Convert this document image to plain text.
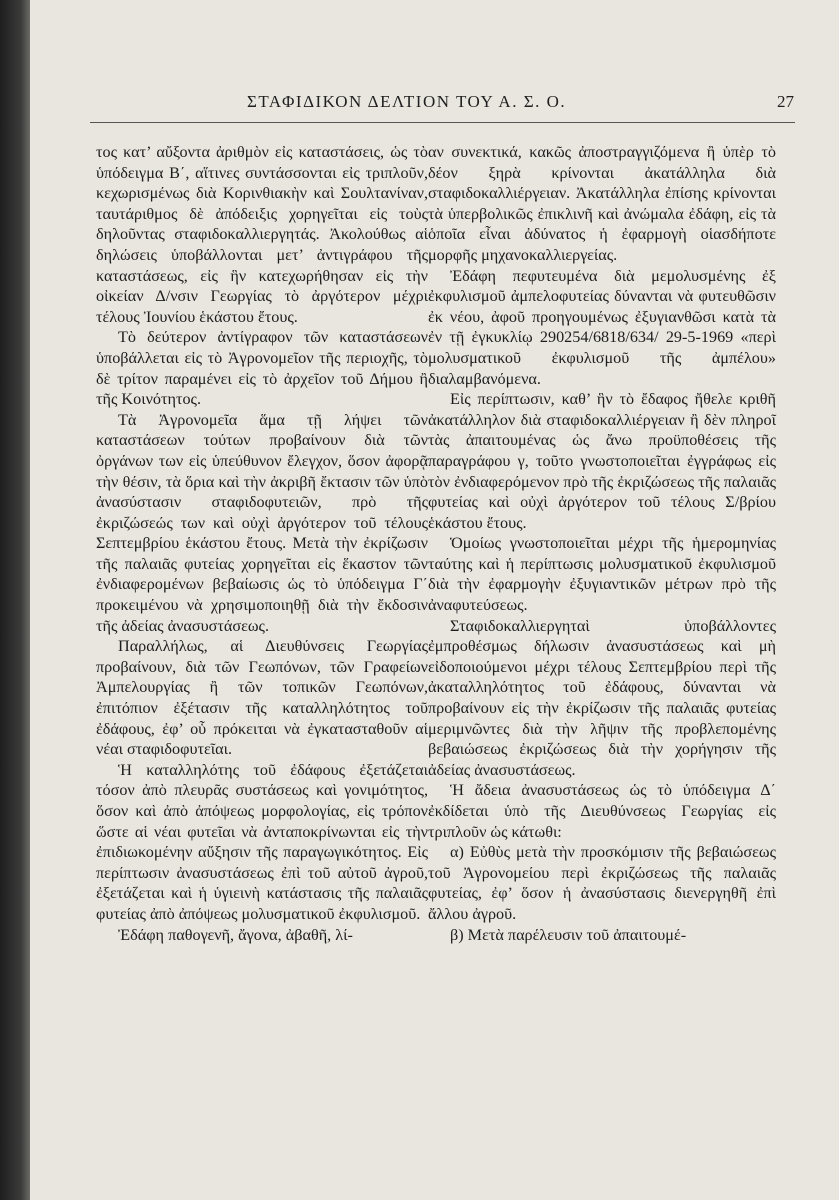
ΣΤΑΦΙΔΙΚΟΝ ΔΕΛΤΙΟΝ ΤΟΥ Α. Σ. Ο.	27

τος κατ’ αὔξοντα ἀριθμὸν εἰς καταστάσεις, ὡς τὸ ὑπόδειγμα Β΄, αἵτινες συντάσσονται εἰς τριπλοῦν, κεχωρισμένως διὰ Κορινθιακὴν καὶ Σουλτανίναν, ταυτάριθμος δὲ ἀπόδειξις χορηγεῖται εἰς τοὺς δηλοῦντας σταφιδοκαλλιεργητάς. Ἀκολούθως αἱ δηλώσεις ὑποβάλλονται μετ’ ἀντιγράφου τῆς καταστάσεως, εἰς ἣν κατεχωρήθησαν εἰς τὴν οἰκείαν Δ/νσιν Γεωργίας τὸ ἀργότερον μέχρι τέλους Ἰουνίου ἑκάστου ἔτους.

Τὸ δεύτερον ἀντίγραφον τῶν καταστάσεων ὑποβάλλεται εἰς τὸ Ἀγρονομεῖον τῆς περιοχῆς, τὸ δὲ τρίτον παραμένει εἰς τὸ ἀρχεῖον τοῦ Δήμου ἢ τῆς Κοινότητος.

Τὰ Ἀγρονομεῖα ἅμα τῇ λήψει τῶν καταστάσεων τούτων προβαίνουν διὰ τῶν ὀργάνων των εἰς ὑπεύθυνον ἔλεγχον, ὅσον ἀφορᾷ τὴν θέσιν, τὰ ὅρια καὶ τὴν ἀκριβῆ ἔκτασιν τῶν ὑπὸ ἀνασύστασιν σταφιδοφυτειῶν, πρὸ τῆς ἐκριζώσεώς των καὶ οὐχὶ ἀργότερον τοῦ τέλους Σεπτεμβρίου ἑκάστου ἔτους. Μετὰ τὴν ἐκρίζωσιν τῆς παλαιᾶς φυτείας χορηγεῖται εἰς ἕκαστον τῶν ἐνδιαφερομένων βεβαίωσις ὡς τὸ ὑπόδειγμα Γ΄ προκειμένου νὰ χρησιμοποιηθῇ διὰ τὴν ἔκδοσιν τῆς ἀδείας ἀνασυστάσεως.

Παραλλήλως, αἱ Διευθύνσεις Γεωργίας προβαίνουν, διὰ τῶν Γεωπόνων, τῶν Γραφείων Ἀμπελουργίας ἢ τῶν τοπικῶν Γεωπόνων, ἐπιτόπιον ἐξέτασιν τῆς καταλληλότητος τοῦ ἐδάφους, ἐφ’ οὗ πρόκειται νὰ ἐγκατασταθοῦν αἱ νέαι σταφιδοφυτεῖαι.

Ἡ καταλληλότης τοῦ ἐδάφους ἐξετάζεται τόσον ἀπὸ πλευρᾶς συστάσεως καὶ γονιμότητος, ὅσον καὶ ἀπὸ ἀπόψεως μορφολογίας, εἰς τρόπον ὥστε αἱ νέαι φυτεῖαι νὰ ἀνταποκρίνωνται εἰς τὴν ἐπιδιωκομένην αὔξησιν τῆς παραγωγικότητος. Εἰς περίπτωσιν ἀνασυστάσεως ἐπὶ τοῦ αὐτοῦ ἀγροῦ, ἐξετάζεται καὶ ἡ ὑγιεινὴ κατάστασις τῆς παλαιᾶς φυτείας ἀπὸ ἀπόψεως μολυσματικοῦ ἐκφυλισμοῦ.

Ἐδάφη παθογενῆ, ἄγονα, ἀβαθῆ, λί-

αν συνεκτικά, κακῶς ἀποστραγγιζόμενα ἢ ὑπὲρ τὸ δέον ξηρὰ κρίνονται ἀκατάλληλα διὰ σταφιδοκαλλιέργειαν. Ἀκατάλληλα ἐπίσης κρίνονται τὰ ὑπερβολικῶς ἐπικλινῆ καὶ ἀνώμαλα ἐδάφη, εἰς τὰ ὁποῖα εἶναι ἀδύνατος ἡ ἐφαρμογὴ οἱασδήποτε μορφῆς μηχανοκαλλιεργείας.

Ἐδάφη πεφυτευμένα διὰ μεμολυσμένης ἐξ ἐκφυλισμοῦ ἀμπελοφυτείας δύνανται νὰ φυτευθῶσιν ἐκ νέου, ἀφοῦ προηγουμένως ἐξυγιανθῶσι κατὰ τὰ ἐν τῇ ἐγκυκλίῳ 290254/6818/634/ 29-5-1969 «περὶ μολυσματικοῦ ἐκφυλισμοῦ τῆς ἀμπέλου» διαλαμβανόμενα.

Εἰς περίπτωσιν, καθ’ ἣν τὸ ἔδαφος ἤθελε κριθῆ ἀκατάλληλον διὰ σταφιδοκαλλιέργειαν ἢ δὲν πληροῖ τὰς ἀπαιτουμένας ὡς ἄνω προϋποθέσεις τῆς παραγράφου γ, τοῦτο γνωστοποιεῖται ἐγγράφως εἰς τὸν ἐνδιαφερόμενον πρὸ τῆς ἐκριζώσεως τῆς παλαιᾶς φυτείας καὶ οὐχὶ ἀργότερον τοῦ τέλους Σ/βρίου ἑκάστου ἔτους.

Ὁμοίως γνωστοποιεῖται μέχρι τῆς ἡμερομηνίας ταύτης καὶ ἡ περίπτωσις μολυσματικοῦ ἐκφυλισμοῦ διὰ τὴν ἐφαρμογὴν ἐξυγιαντικῶν μέτρων πρὸ τῆς ἀναφυτεύσεως.

Σταφιδοκαλλιεργηταὶ ὑποβάλλοντες ἐμπροθέσμως δήλωσιν ἀνασυστάσεως καὶ μὴ εἰδοποιούμενοι μέχρι τέλους Σεπτεμβρίου περὶ τῆς ἀκαταλληλότητος τοῦ ἐδάφους, δύνανται νὰ προβαίνουν εἰς τὴν ἐκρίζωσιν τῆς παλαιᾶς φυτείας μεριμνῶντες διὰ τὴν λῆψιν τῆς προβλεπομένης βεβαιώσεως ἐκριζώσεως διὰ τὴν χορήγησιν τῆς ἀδείας ἀνασυστάσεως.

Ἡ ἄδεια ἀνασυστάσεως ὡς τὸ ὑπόδειγμα Δ΄ ἐκδίδεται ὑπὸ τῆς Διευθύνσεως Γεωργίας εἰς τριπλοῦν ὡς κάτωθι:

α) Εὐθὺς μετὰ τὴν προσκόμισιν τῆς βεβαιώσεως τοῦ Ἀγρονομείου περὶ ἐκριζώσεως τῆς παλαιᾶς φυτείας, ἐφ’ ὅσον ἡ ἀνασύστασις διενεργηθῆ ἐπὶ ἄλλου ἀγροῦ.

β) Μετὰ παρέλευσιν τοῦ ἀπαιτουμέ-
